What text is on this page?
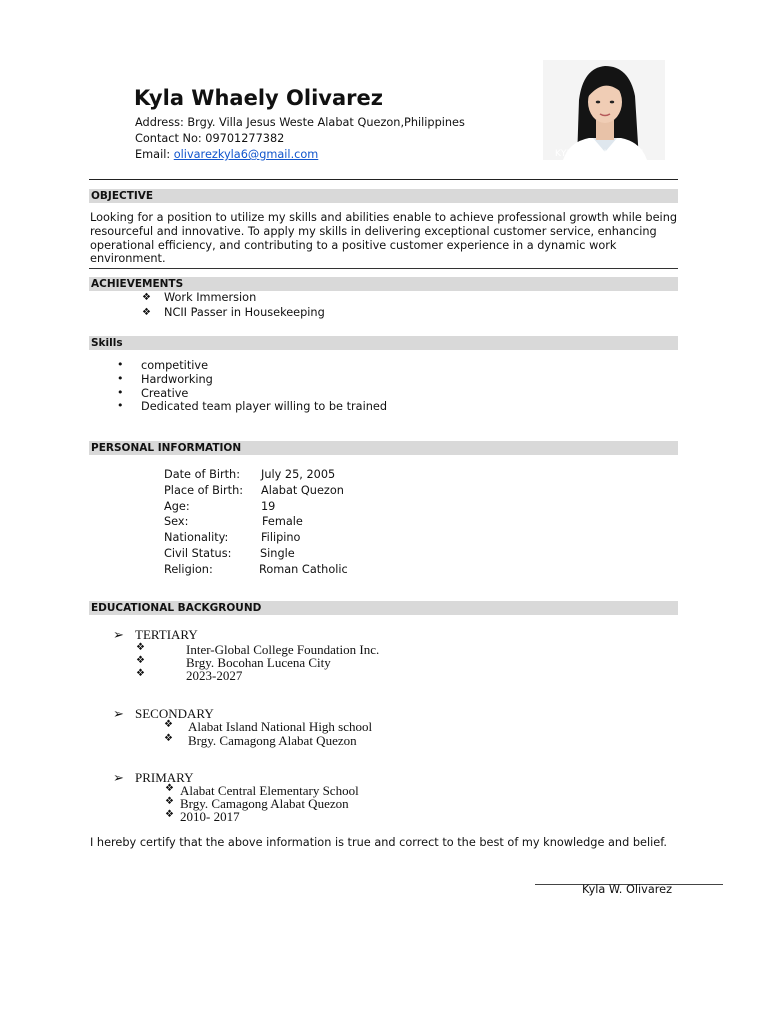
Kyla Whaely Olivarez
Address: Brgy. Villa Jesus Weste Alabat Quezon,Philippines
Contact No: 09701277382
Email: olivarezkyla6@gmail.com	KYLA W. OLIVAREZ
OBJECTIVE
Looking for a position to utilize my skills and abilities enable to achieve professional growth while being
resourceful and innovative. To apply my skills in delivering exceptional customer service, enhancing
operational efficiency, and contributing to a positive customer experience in a dynamic work
environment.
ACHIEVEMENTS
❖ Work Immersion
❖ NCII Passer in Housekeeping
Skills
• competitive
• Hardworking
• Creative
• Dedicated team player willing to be trained
PERSONAL INFORMATION
Date of Birth: July 25, 2005
Place of Birth: Alabat Quezon
Age:	19
Sex:	Female
Nationality:	Filipino
Civil Status:	Single
Religion:	Roman Catholic
EDUCATIONAL BACKGROUND
➢ TERTIARY
❖	Inter-Global College Foundation Inc.
❖	Brgy. Bocohan Lucena City
❖	2023-2027
➢ SECONDARY
❖ Alabat Island National High school
❖ Brgy. Camagong Alabat Quezon
➢ PRIMARY
❖ Alabat Central Elementary School
❖ Brgy. Camagong Alabat Quezon
❖ 2010- 2017
I hereby certify that the above information is true and correct to the best of my knowledge and belief.
Kyla W. Olivarez
